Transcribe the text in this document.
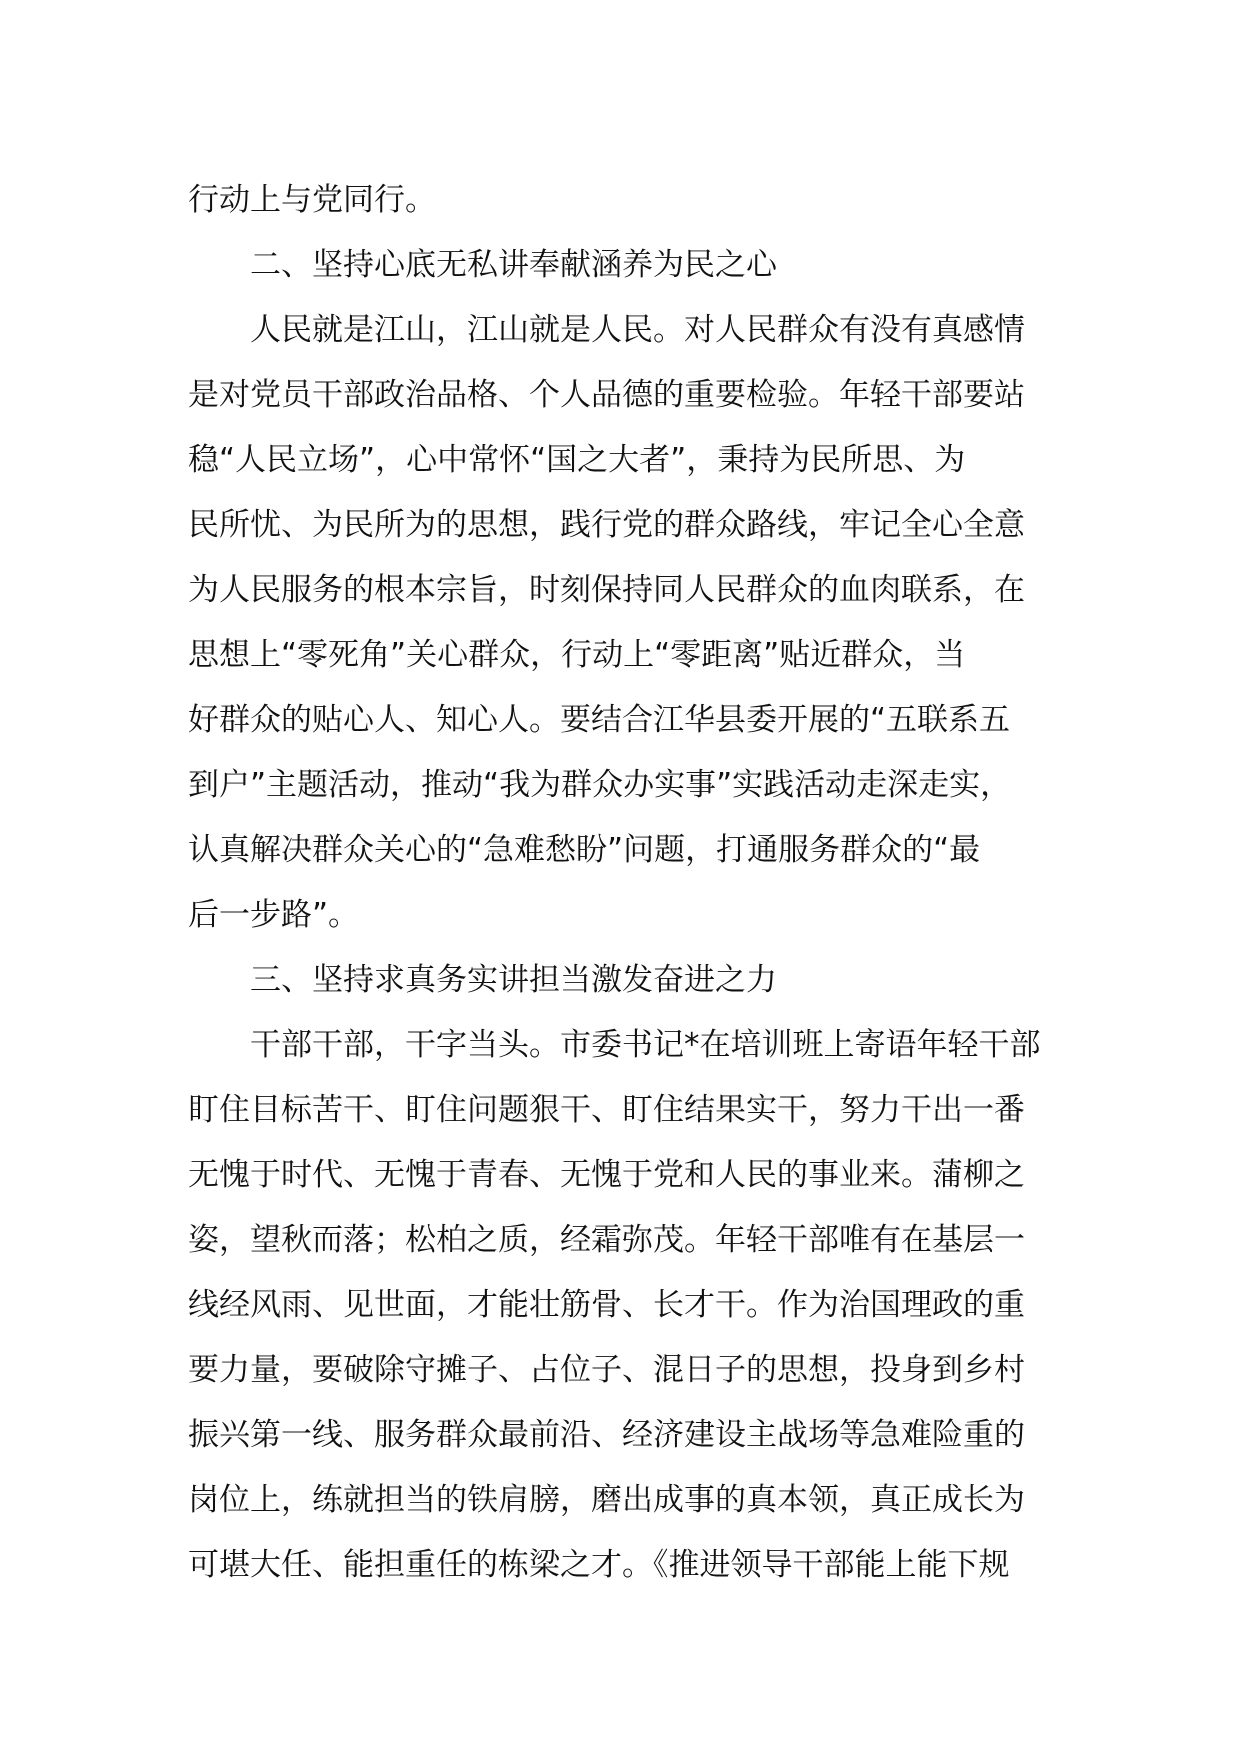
行动上与党同行。
二、坚持心底无私讲奉献涵养为民之心
人民就是江山，江山就是人民。对人民群众有没有真感情
是对党员干部政治品格、个人品德的重要检验。年轻干部要站
稳“人民立场”，心中常怀“国之大者”，秉持为民所思、为
民所忧、为民所为的思想，践行党的群众路线，牢记全心全意
为人民服务的根本宗旨，时刻保持同人民群众的血肉联系，在
思想上“零死角”关心群众，行动上“零距离”贴近群众，当
好群众的贴心人、知心人。要结合江华县委开展的“五联系五
到户”主题活动，推动“我为群众办实事”实践活动走深走实，
认真解决群众关心的“急难愁盼”问题，打通服务群众的“最
后一步路”。
三、坚持求真务实讲担当激发奋进之力
干部干部，干字当头。市委书记*在培训班上寄语年轻干部
盯住目标苦干、盯住问题狠干、盯住结果实干，努力干出一番
无愧于时代、无愧于青春、无愧于党和人民的事业来。蒲柳之
姿，望秋而落；松柏之质，经霜弥茂。年轻干部唯有在基层一
线经风雨、见世面，才能壮筋骨、长才干。作为治国理政的重
要力量，要破除守摊子、占位子、混日子的思想，投身到乡村
振兴第一线、服务群众最前沿、经济建设主战场等急难险重的
岗位上，练就担当的铁肩膀，磨出成事的真本领，真正成长为
可堪大任、能担重任的栋梁之才。《推进领导干部能上能下规
